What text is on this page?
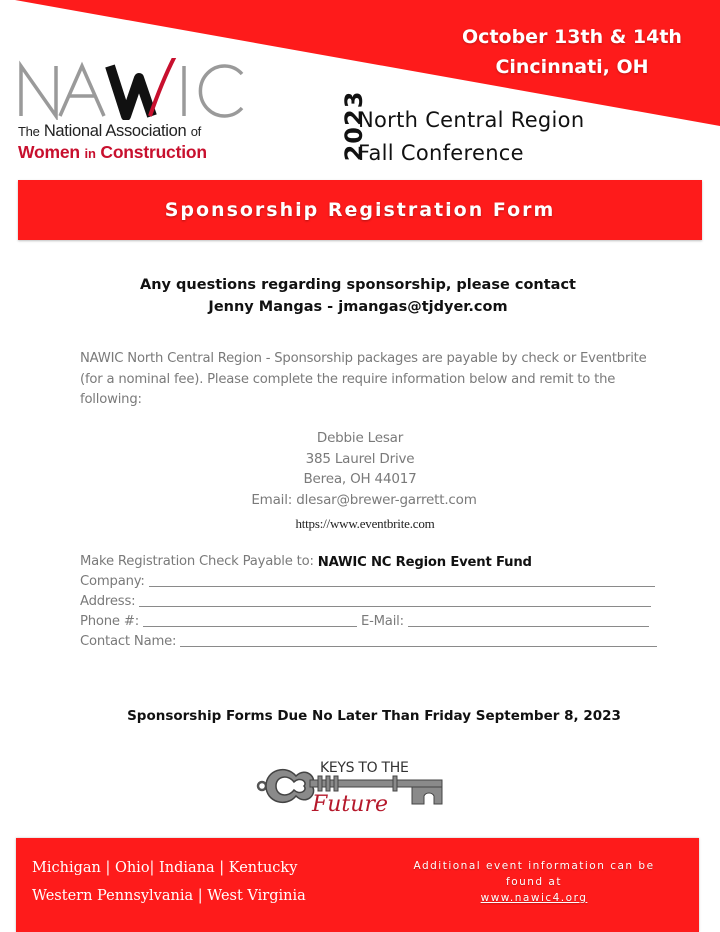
October 13th & 14th
Cincinnati, OH
The National Association of
Women in Construction	2023
North Central Region
Fall Conference
Sponsorship Registration Form
Any questions regarding sponsorship, please contact
Jenny Mangas - jmangas@tjdyer.com

NAWIC North Central Region - Sponsorship packages are payable by check or Eventbrite (for a nominal fee). Please complete the require information below and remit to the following:

Debbie Lesar
385 Laurel Drive
Berea, OH 44017
Email: dlesar@brewer-garrett.com
https://www.eventbrite.com
Make Registration Check Payable to: NAWIC NC Region Event Fund
Company:
Address:
Phone #:	E-Mail:
Contact Name:
Sponsorship Forms Due No Later Than Friday September 8, 2023
KEYS TO THE
Future
Michigan | Ohio| Indiana | Kentucky
Western Pennsylvania | West Virginia
Additional event information can be
found at
www.nawic4.org
